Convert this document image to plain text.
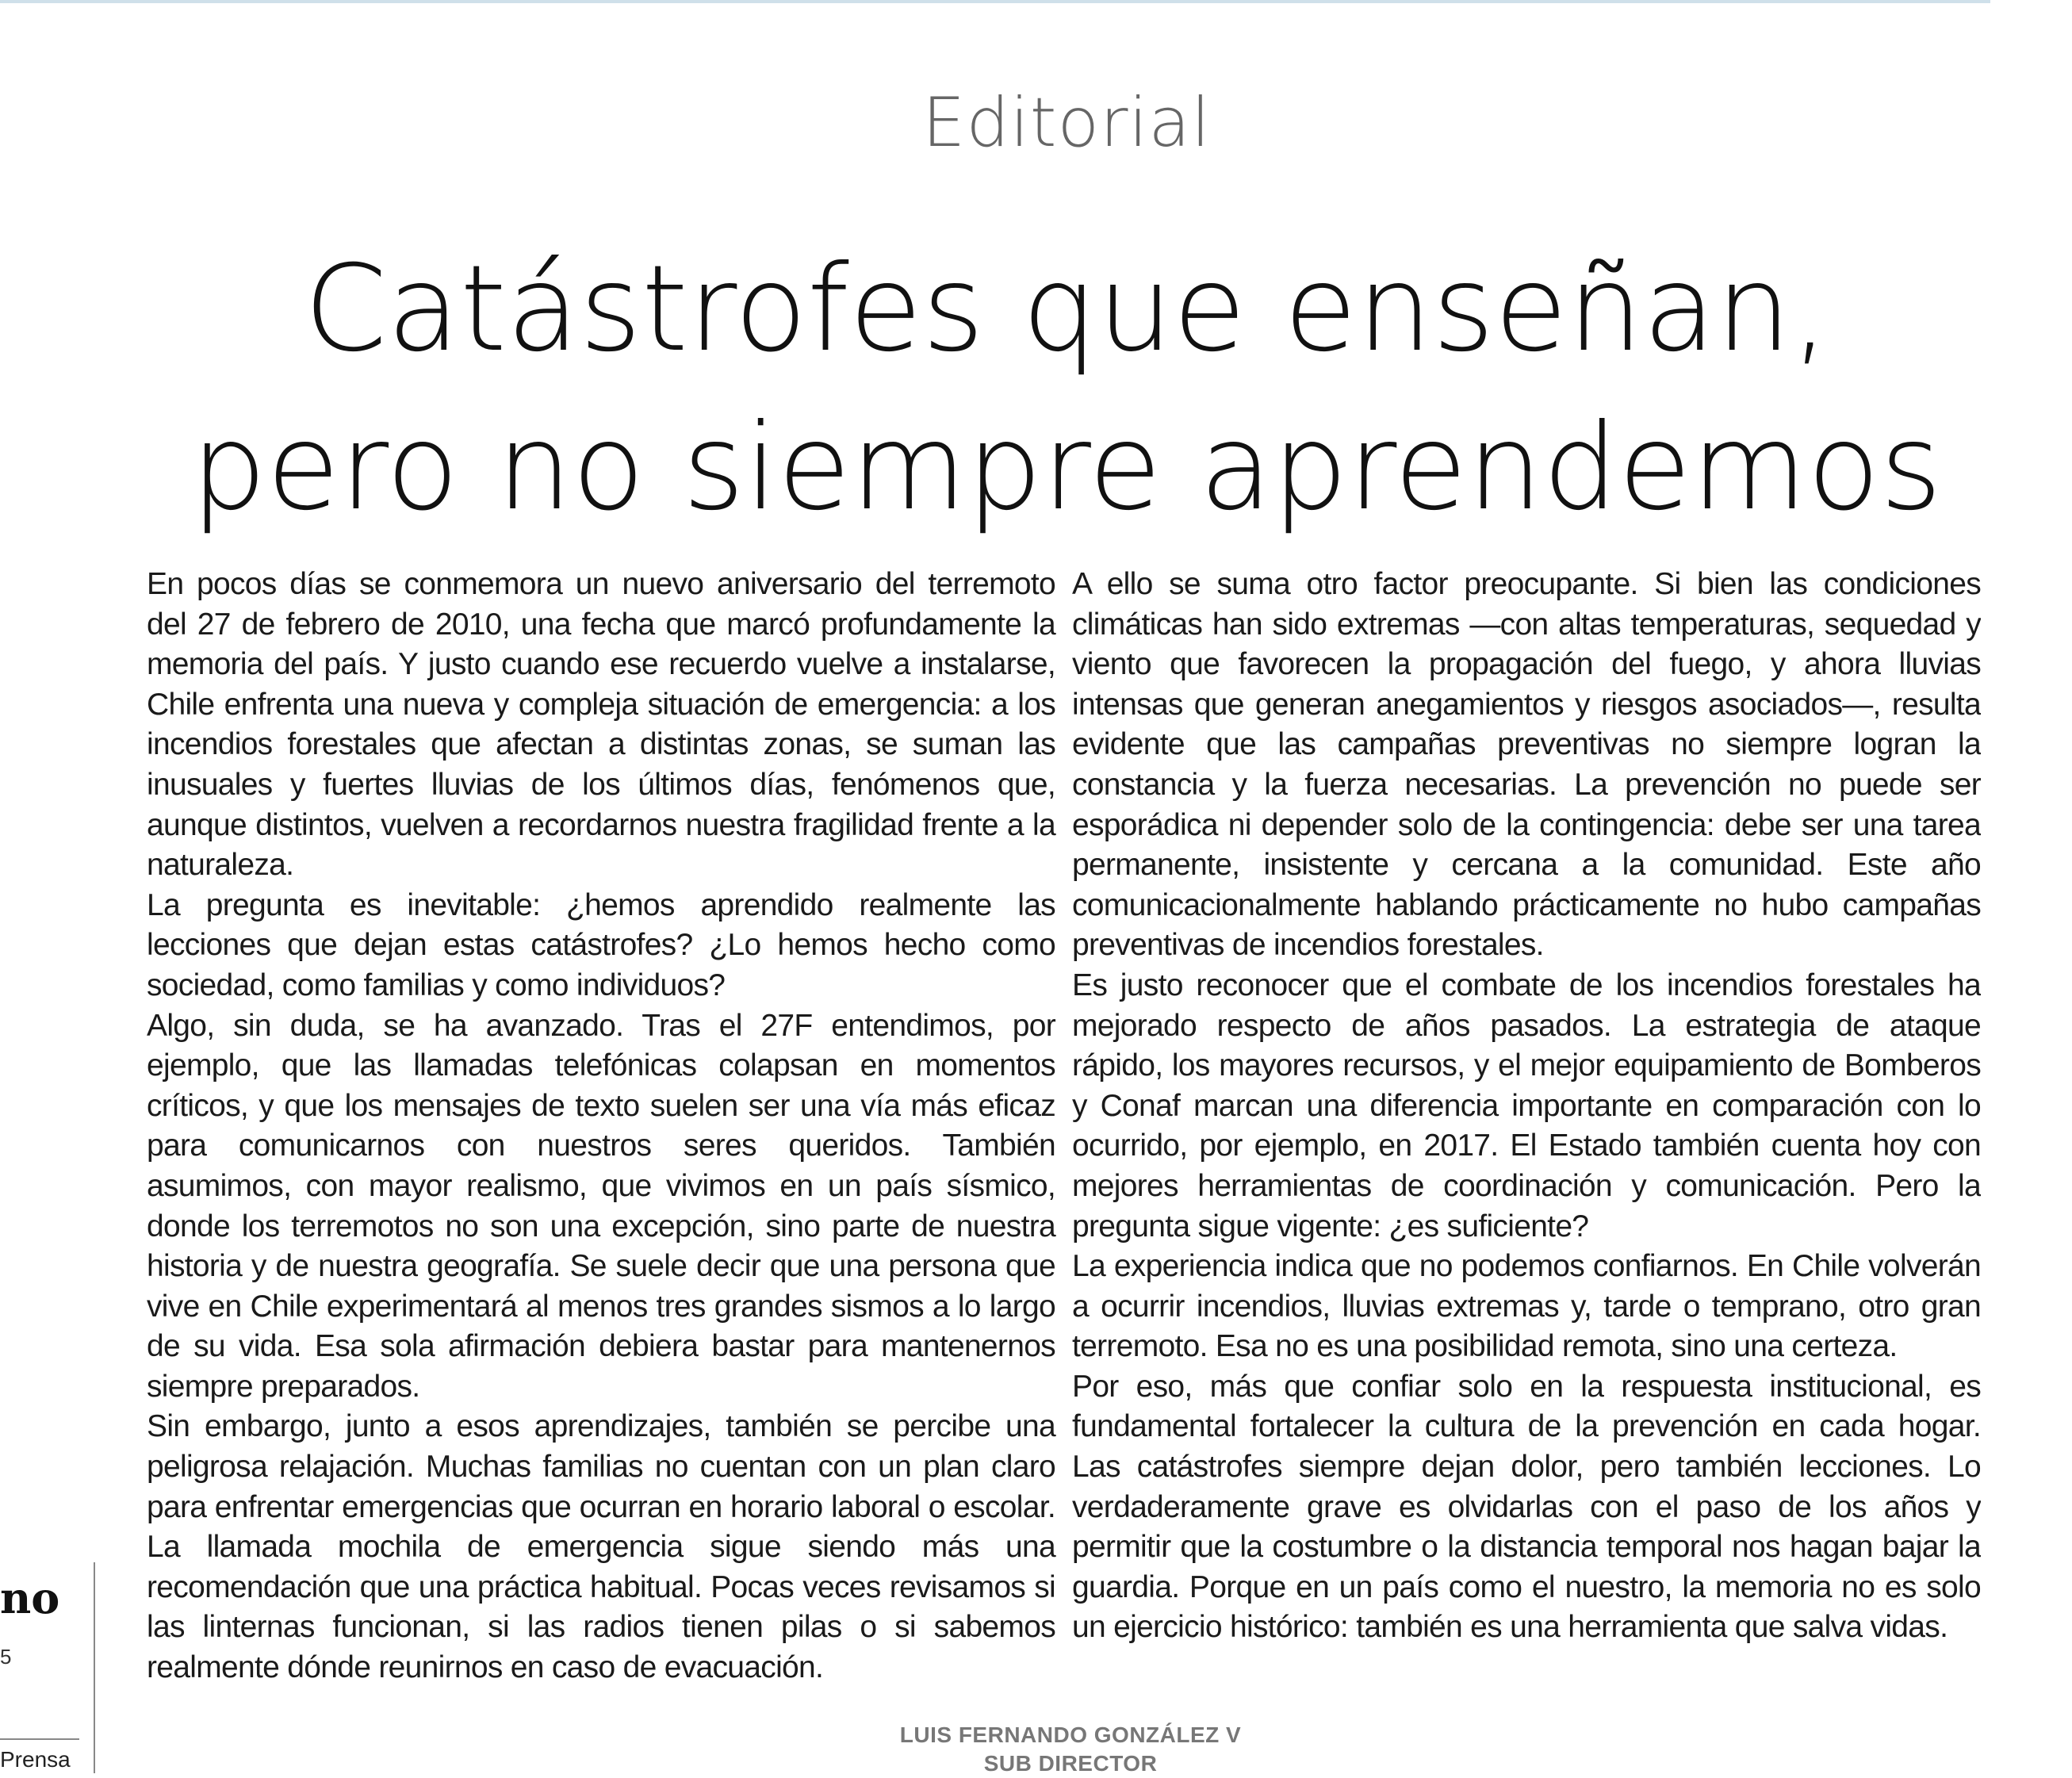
Editorial
Catástrofes que enseñan,
pero no siempre aprendemos

En pocos días se conmemora un nuevo aniversario del terremoto del 27 de febrero de 2010, una fecha que marcó profundamente la memoria del país. Y justo cuando ese recuerdo vuelve a instalarse, Chile enfrenta una nueva y compleja situación de emergencia: a los incendios forestales que afectan a distintas zonas, se suman las inusuales y fuertes lluvias de los últimos días, fenómenos que, aunque distintos, vuelven a recordarnos nuestra fragilidad frente a la naturaleza.

La pregunta es inevitable: ¿hemos aprendido realmente las lecciones que dejan estas catástrofes? ¿Lo hemos hecho como sociedad, como familias y como individuos?

Algo, sin duda, se ha avanzado. Tras el 27F entendimos, por ejemplo, que las llamadas telefónicas colapsan en momentos críticos, y que los mensajes de texto suelen ser una vía más eficaz para comunicarnos con nuestros seres queridos. También asumimos, con mayor realismo, que vivimos en un país sísmico, donde los terremotos no son una excepción, sino parte de nuestra historia y de nuestra geografía. Se suele decir que una persona que vive en Chile experimentará al menos tres grandes sismos a lo largo de su vida. Esa sola afirmación debiera bastar para mantenernos siempre preparados.

Sin embargo, junto a esos aprendizajes, también se percibe una peligrosa relajación. Muchas familias no cuentan con un plan claro para enfrentar emergencias que ocurran en horario laboral o escolar. La llamada mochila de emergencia sigue siendo más una recomendación que una práctica habitual. Pocas veces revisamos si las linternas funcionan, si las radios tienen pilas o si sabemos realmente dónde reunirnos en caso de evacuación.

A ello se suma otro factor preocupante. Si bien las condiciones climáticas han sido extremas —con altas temperaturas, sequedad y viento que favorecen la propagación del fuego, y ahora lluvias intensas que generan anegamientos y riesgos asociados—, resulta evidente que las campañas preventivas no siempre logran la constancia y la fuerza necesarias. La prevención no puede ser esporádica ni depender solo de la contingencia: debe ser una tarea permanente, insistente y cercana a la comunidad. Este año comunicacionalmente hablando prácticamente no hubo campañas preventivas de incendios forestales.

Es justo reconocer que el combate de los incendios forestales ha mejorado respecto de años pasados. La estrategia de ataque rápido, los mayores recursos, y el mejor equipamiento de Bomberos y Conaf marcan una diferencia importante en comparación con lo ocurrido, por ejemplo, en 2017. El Estado también cuenta hoy con mejores herramientas de coordinación y comunicación. Pero la pregunta sigue vigente: ¿es suficiente?

La experiencia indica que no podemos confiarnos. En Chile volverán a ocurrir incendios, lluvias extremas y, tarde o temprano, otro gran terremoto. Esa no es una posibilidad remota, sino una certeza.

Por eso, más que confiar solo en la respuesta institucional, es fundamental fortalecer la cultura de la prevención en cada hogar. Las catástrofes siempre dejan dolor, pero también lecciones. Lo verdaderamente grave es olvidarlas con el paso de los años y permitir que la costumbre o la distancia temporal nos hagan bajar la guardia. Porque en un país como el nuestro, la memoria no es solo un ejercicio histórico: también es una herramienta que salva vidas.

no
5
Prensa
LUIS FERNANDO GONZÁLEZ V
SUB DIRECTOR
